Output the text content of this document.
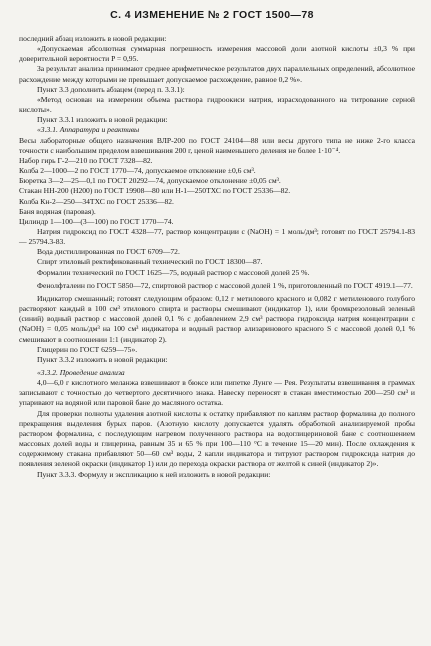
С. 4 ИЗМЕНЕНИЕ № 2 ГОСТ 1500—78

последний абзац изложить в новой редакции:

«Допускаемая абсолютная суммарная погрешность измерения массовой доли азотной кислоты ±0,3 % при доверительной вероятности P = 0,95.

За результат анализа принимают среднее арифметическое результатов двух параллельных определений, абсолютное расхождение между которыми не превышает допускаемое расхождение, равное 0,2 %».

Пункт 3.3 дополнить абзацем (перед п. 3.3.1):

«Метод основан на измерении объема раствора гидроокиси натрия, израсходованного на титрование серной кислоты».

Пункт 3.3.1 изложить в новой редакции:

«3.3.1. Аппаратура и реактивы

Весы лабораторные общего назначения ВЛР-200 по ГОСТ 24104—88 или весы другого типа не ниже 2-го класса точности с наибольшим пределом взвешивания 200 г, ценой наименьшего деления не более 1·10⁻⁴.

Набор гирь Г-2—210 по ГОСТ 7328—82.

Колба 2—1000—2 по ГОСТ 1770—74, допускаемое отклонение ±0,6 см³.

Бюретка 3—2—25—0,1 по ГОСТ 20292—74, допускаемое отклонение ±0,05 см³.

Стакан НН-200 (Н200) по ГОСТ 19908—80 или Н-1—250ТХС по ГОСТ 25336—82.

Колба Кн-2—250—34ТХС по ГОСТ 25336—82.

Баня водяная (паровая).

Цилиндр 1—100—(3—100) по ГОСТ 1770—74.

Натрия гидроксид по ГОСТ 4328—77, раствор концентрации с (NaOH) = 1 моль/дм³; готовят по ГОСТ 25794.1-83 — 25794.3-83.

Вода дистиллированная по ГОСТ 6709—72.

Спирт этиловый ректификованный технический по ГОСТ 18300—87.

Формалин технический по ГОСТ 1625—75, водный раствор с массовой долей 25 %.

Фенолфталеин по ГОСТ 5850—72, спиртовой раствор с массовой долей 1 %, приготовленный по ГОСТ 4919.1—77.

Индикатор смешанный; готовят следующим образом: 0,12 г метилового красного и 0,082 г метиленового голубого растворяют каждый в 100 см³ этилового спирта и растворы смешивают (индикатор 1), или бромкрезоловый зеленый (синий) водный раствор с массовой долей 0,1 % с добавлением 2,9 см³ раствора гидроксида натрия концентрации с (NaOH) = 0,05 моль/дм³ на 100 см³ индикатора и водный раствор ализаринового красного S с массовой долей 0,1 % смешивают в соотношении 1:1 (индикатор 2).

Глицерин по ГОСТ 6259—75».

Пункт 3.3.2 изложить в новой редакции:

«3.3.2. Проведение анализа

4,0—6,0 г кислотного меланжа взвешивают в бюксе или пипетке Лунге — Рея. Результаты взвешивания в граммах записывают с точностью до четвертого десятичного знака. Навеску переносят в стакан вместимостью 200—250 см³ и упаривают на водяной или паровой бане до масляного остатка.

Для проверки полноты удаления азотной кислоты к остатку прибавляют по каплям раствор формалина до полного прекращения выделения бурых паров. (Азотную кислоту допускается удалять обработкой анализируемой пробы раствором формалина, с последующим нагревом полученного раствора на водоглицериновой бане с соотношением массовых долей воды и глицерина, равным 35 и 65 % при 100—110 °С в течение 15—20 мин). После охлаждения к содержимому стакана прибавляют 50—60 см³ воды, 2 капли индикатора и титруют раствором гидроксида натрия до появления зеленой окраски (индикатор 1) или до перехода окраски раствора от желтой к синей (индикатор 2)».

Пункт 3.3.3. Формулу и экспликацию к ней изложить в новой редакции:
